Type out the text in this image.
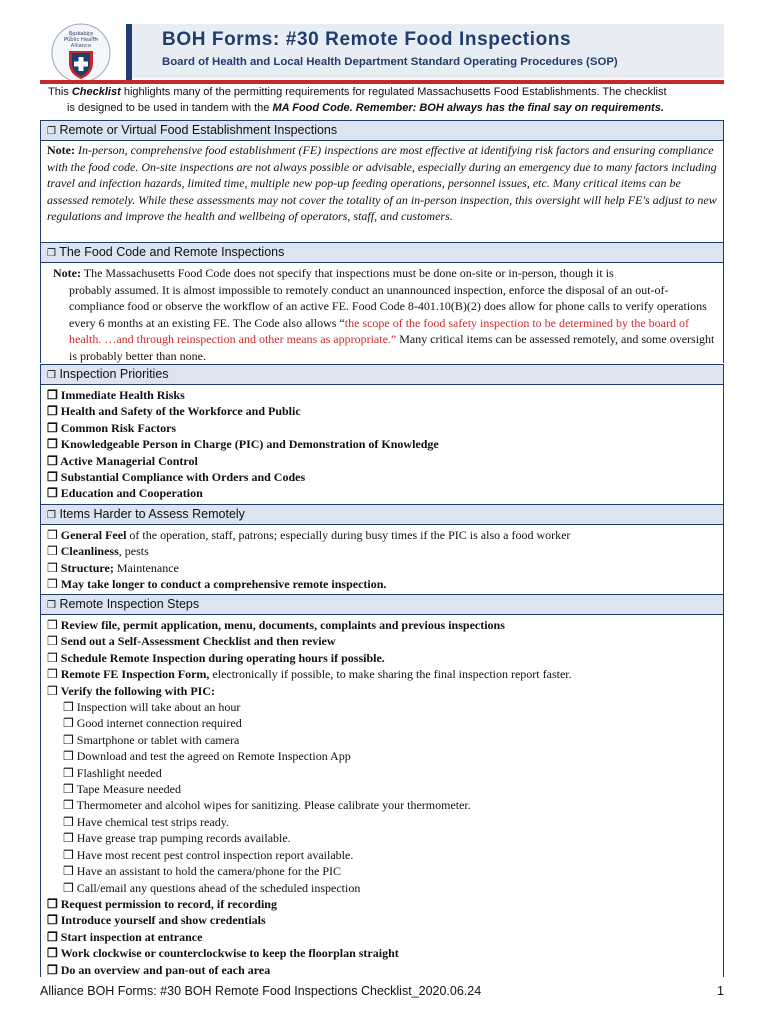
Berkshire
Public Health
Alliance	BOH Forms: #30 Remote Food Inspections
Board of Health and Local Health Department Standard Operating Procedures (SOP)
This Checklist highlights many of the permitting requirements for regulated Massachusetts Food Establishments. The checklist
is designed to be used in tandem with the MA Food Code. Remember: BOH always has the final say on requirements.
❒ Remote or Virtual Food Establishment Inspections
Note: In-person, comprehensive food establishment (FE) inspections are most effective at identifying risk factors and ensuring compliance with the food code. On-site inspections are not always possible or advisable, especially during an emergency due to many factors including travel and infection hazards, limited time, multiple new pop-up feeding operations, personnel issues, etc. Many critical items can be assessed remotely. While these assessments may not cover the totality of an in-person inspection, this oversight will help FE's adjust to new regulations and improve the health and wellbeing of operators, staff, and customers.
❒ The Food Code and Remote Inspections
Note: The Massachusetts Food Code does not specify that inspections must be done on-site or in-person, though it is
probably assumed. It is almost impossible to remotely conduct an unannounced inspection, enforce the disposal of an out-of-compliance food or observe the workflow of an active FE. Food Code 8-401.10(B)(2) does allow for phone calls to verify operations every 6 months at an existing FE. The Code also allows “the scope of the food safety inspection to be determined by the board of health. …and through reinspection and other means as appropriate.” Many critical items can be assessed remotely, and some oversight is probably better than none.
❒ Inspection Priorities
❒ Immediate Health Risks
❒ Health and Safety of the Workforce and Public
❒ Common Risk Factors
❒ Knowledgeable Person in Charge (PIC) and Demonstration of Knowledge
❒ Active Managerial Control
❒ Substantial Compliance with Orders and Codes
❒ Education and Cooperation
❒ Items Harder to Assess Remotely
❒ General Feel of the operation, staff, patrons; especially during busy times if the PIC is also a food worker
❒ Cleanliness, pests
❒ Structure; Maintenance
❒ May take longer to conduct a comprehensive remote inspection.
❒ Remote Inspection Steps
❒ Review file, permit application, menu, documents, complaints and previous inspections
❒ Send out a Self-Assessment Checklist and then review
❒ Schedule Remote Inspection during operating hours if possible.
❒ Remote FE Inspection Form, electronically if possible, to make sharing the final inspection report faster.
❒ Verify the following with PIC:
❒ Inspection will take about an hour
❒ Good internet connection required
❒ Smartphone or tablet with camera
❒ Download and test the agreed on Remote Inspection App
❒ Flashlight needed
❒ Tape Measure needed
❒ Thermometer and alcohol wipes for sanitizing. Please calibrate your thermometer.
❒ Have chemical test strips ready.
❒ Have grease trap pumping records available.
❒ Have most recent pest control inspection report available.
❒ Have an assistant to hold the camera/phone for the PIC
❒ Call/email any questions ahead of the scheduled inspection
❒ Request permission to record, if recording
❒ Introduce yourself and show credentials
❒ Start inspection at entrance
❒ Work clockwise or counterclockwise to keep the floorplan straight
❒ Do an overview and pan-out of each area
Alliance BOH Forms: #30 BOH Remote Food Inspections Checklist_2020.06.24	1
